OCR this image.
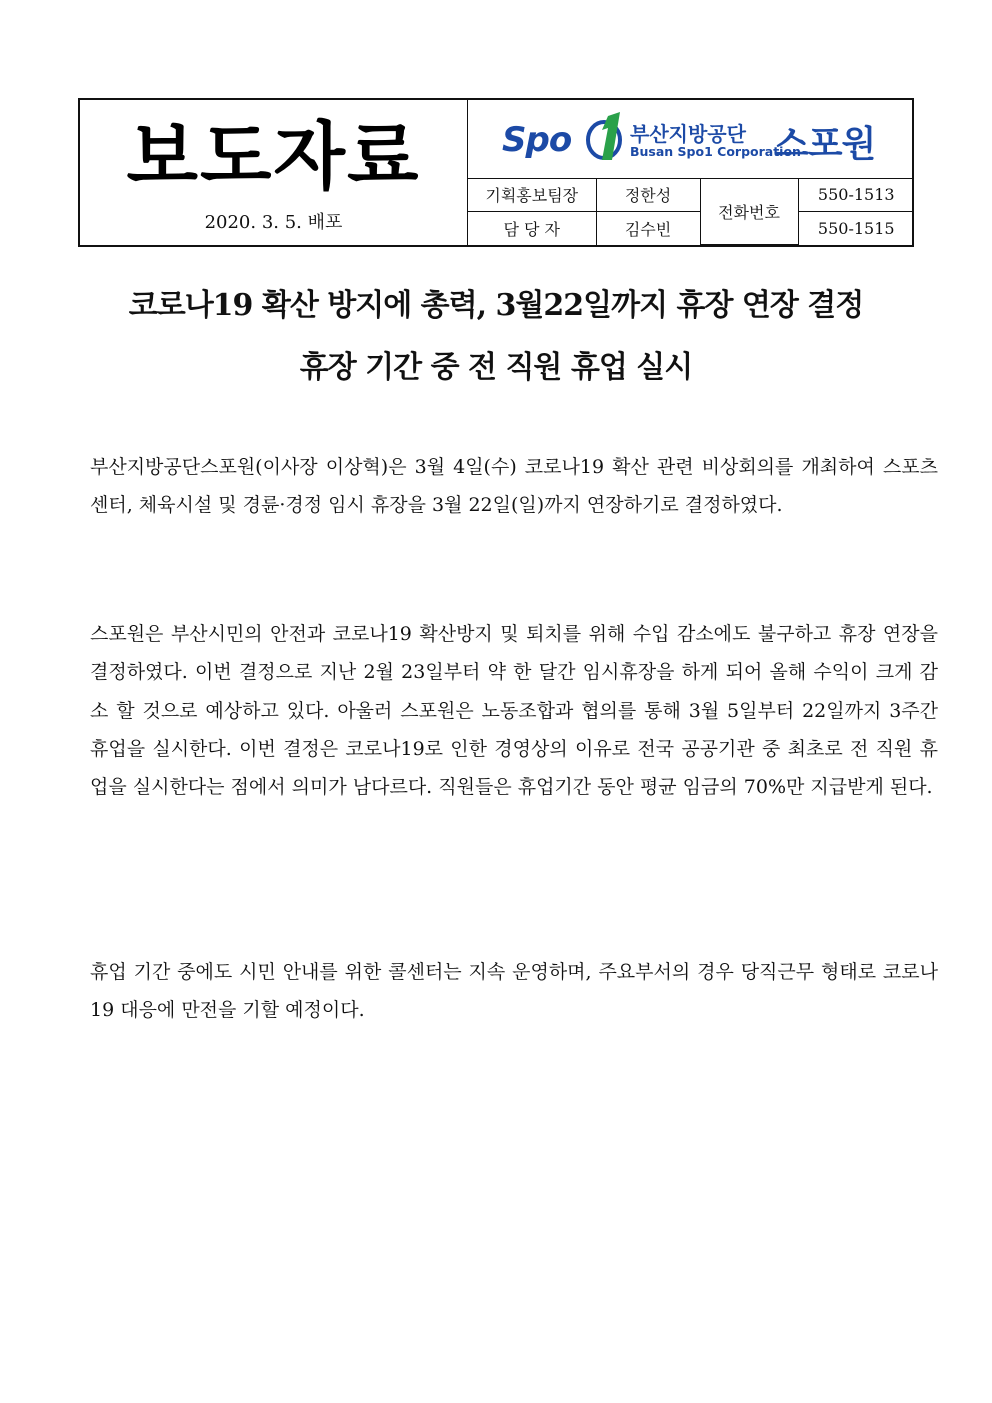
보도자료
2020. 3. 5. 배포
Spo	부산지방공단
Busan Spo1 Corporation
스포원
기획홍보팀장	정한성	전화번호	550-1513
담 당 자	김수빈		550-1515
코로나19 확산 방지에 총력, 3월22일까지 휴장 연장 결정
휴장 기간 중 전 직원 휴업 실시
부산지방공단스포원(이사장 이상혁)은 3월 4일(수) 코로나19 확산 관련 비상회의를 개최하여 스포츠센터, 체육시설 및 경륜·경정 임시 휴장을 3월 22일(일)까지 연장하기로 결정하였다.
스포원은 부산시민의 안전과 코로나19 확산방지 및 퇴치를 위해 수입 감소에도 불구하고 휴장 연장을 결정하였다. 이번 결정으로 지난 2월 23일부터 약 한 달간 임시휴장을 하게 되어 올해 수익이 크게 감소 할 것으로 예상하고 있다. 아울러 스포원은 노동조합과 협의를 통해 3월 5일부터 22일까지 3주간 휴업을 실시한다. 이번 결정은 코로나19로 인한 경영상의 이유로 전국 공공기관 중 최초로 전 직원 휴업을 실시한다는 점에서 의미가 남다르다. 직원들은 휴업기간 동안 평균 임금의 70%만 지급받게 된다.
휴업 기간 중에도 시민 안내를 위한 콜센터는 지속 운영하며, 주요부서의 경우 당직근무 형태로 코로나19 대응에 만전을 기할 예정이다.
